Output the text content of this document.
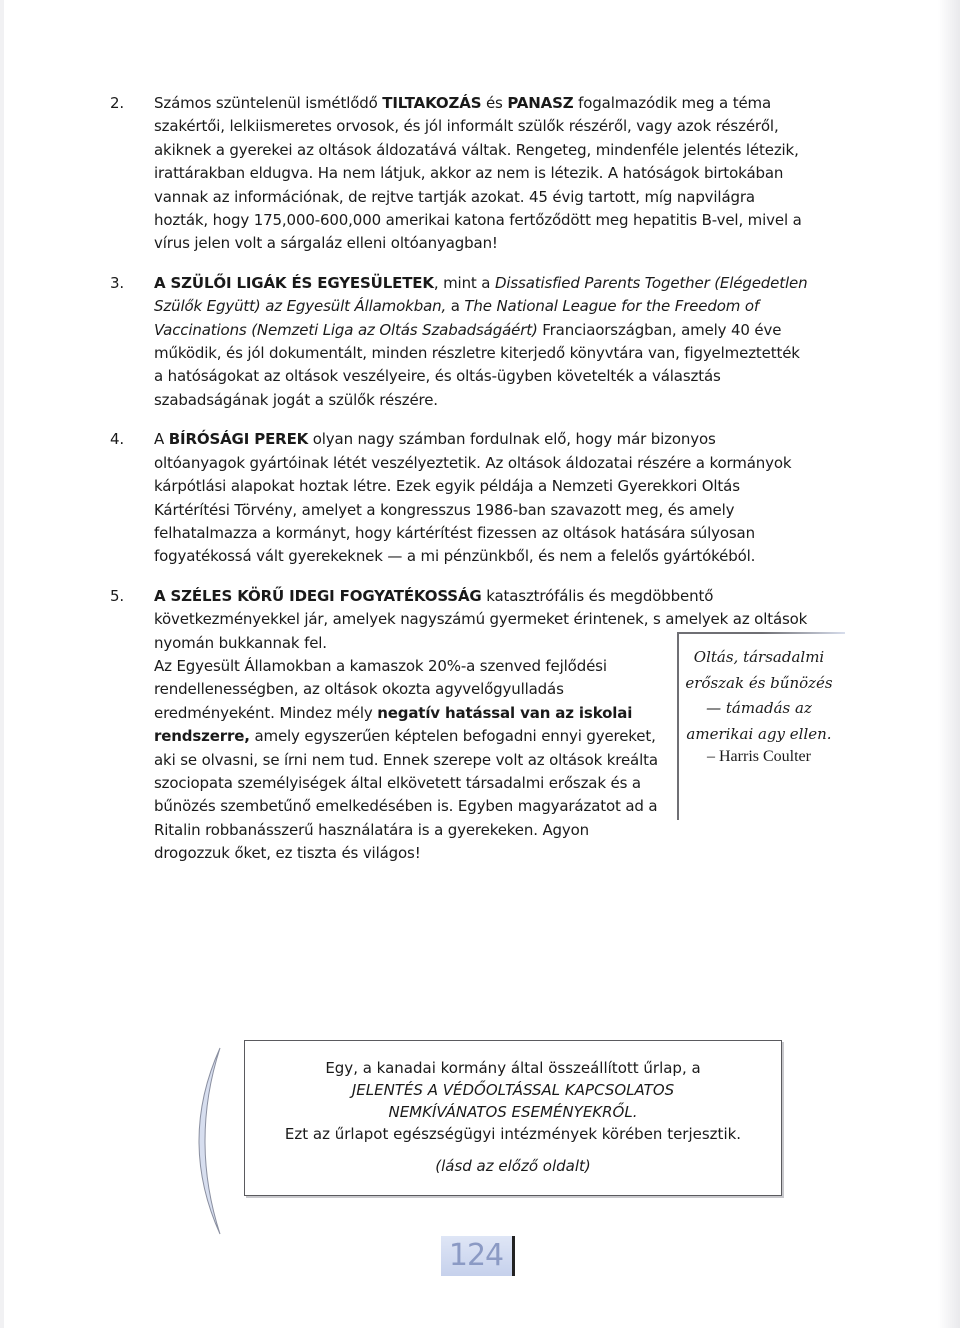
2.	Számos szüntelenül ismétlődő TILTAKOZÁS és PANASZ fogalmazódik meg a téma szakértői, lelkiismeretes orvosok, és jól informált szülők részéről, vagy azok részéről, akiknek a gyerekei az oltások áldozatává váltak. Rengeteg, mindenféle jelentés létezik, irattárakban eldugva. Ha nem látjuk, akkor az nem is létezik. A hatóságok birtokában vannak az információnak, de rejtve tartják azokat. 45 évig tartott, míg napvilágra hozták, hogy 175,000-600,000 amerikai katona fertőződött meg hepatitis B-vel, mivel a vírus jelen volt a sárgaláz elleni oltóanyagban!
3.	A SZÜLŐI LIGÁK ÉS EGYESÜLETEK, mint a Dissatisfied Parents Together (Elégedetlen Szülők Együtt) az Egyesült Államokban, a The National League for the Freedom of Vaccinations (Nemzeti Liga az Oltás Szabadságáért) Franciaországban, amely 40 éve működik, és jól dokumentált, minden részletre kiterjedő könyvtára van, figyelmeztették a hatóságokat az oltások veszélyeire, és oltás-ügyben követelték a választás szabadságának jogát a szülők részére.
4.	A BÍRÓSÁGI PEREK olyan nagy számban fordulnak elő, hogy már bizonyos oltóanyagok gyártóinak létét veszélyeztetik. Az oltások áldozatai részére a kormányok kárpótlási alapokat hoztak létre. Ezek egyik példája a Nemzeti Gyerekkori Oltás Kártérítési Törvény, amelyet a kongresszus 1986-ban szavazott meg, és amely felhatalmazza a kormányt, hogy kártérítést fizessen az oltások hatására súlyosan fogyatékossá vált gyerekeknek — a mi pénzünkből, és nem a felelős gyártókéból.
5.	A SZÉLES KÖRŰ IDEGI FOGYATÉKOSSÁG katasztrófális és megdöbbentő következményekkel jár, amelyek nagyszámú gyermeket érintenek, s amelyek az oltások nyomán bukkannak fel.
Az Egyesült Államokban a kamaszok 20%-a szenved fejlődési rendellenességben, az oltások okozta agyvelőgyulladás eredményeként. Mindez mély negatív hatással van az iskolai rendszerre, amely egyszerűen képtelen befogadni ennyi gyereket, aki se olvasni, se írni nem tud. Ennek szerepe volt az oltások kreálta szociopata személyiségek által elkövetett társadalmi erőszak és a bűnözés szembetűnő emelkedésében is. Egyben magyarázatot ad a Ritalin robbanásszerű használatára is a gyerekeken. Agyon drogozzuk őket, ez tiszta és világos!
Oltás, társadalmi erőszak és bűnözés — támadás az amerikai agy ellen.
– Harris Coulter
Egy, a kanadai kormány által összeállított űrlap, a
JELENTÉS A VÉDŐOLTÁSSAL KAPCSOLATOS NEMKÍVÁNATOS ESEMÉNYEKRŐL.
Ezt az űrlapot egészségügyi intézmények körében terjesztik.
(lásd az előző oldalt)
124
